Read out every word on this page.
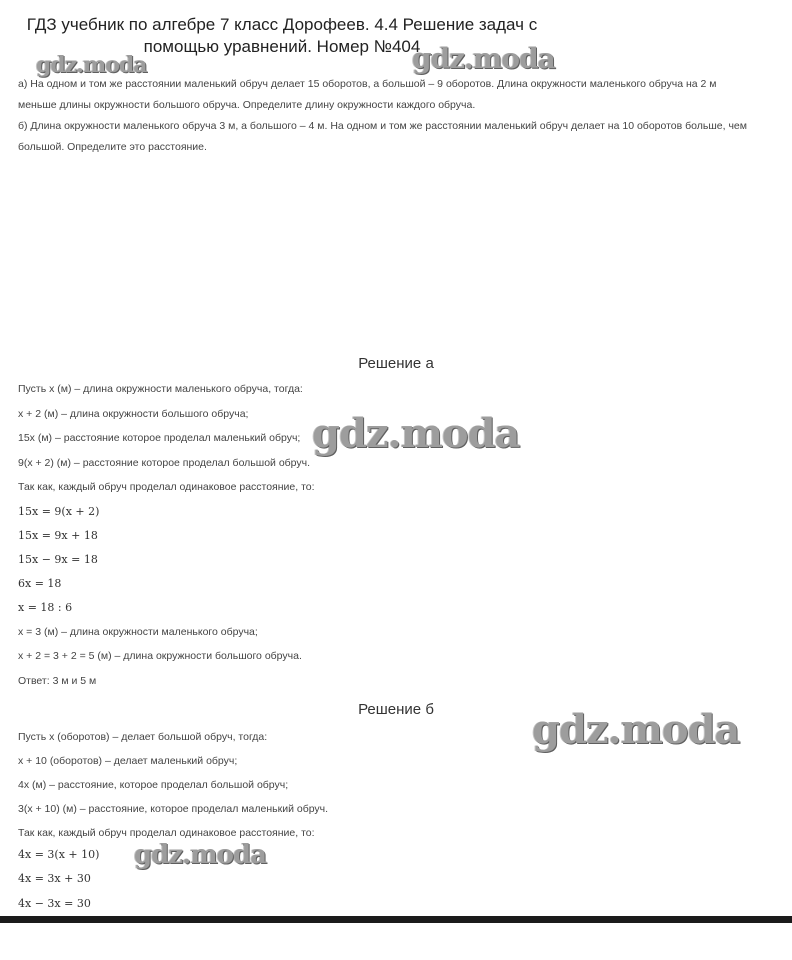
ГДЗ учебник по алгебре 7 класс Дорофеев. 4.4 Решение задач с помощью уравнений. Номер №404
gdz.moda	gdz.moda

а) На одном и том же расстоянии маленький обруч делает 15 оборотов, а большой – 9 оборотов. Длина окружности маленького обруча на 2 м

меньше длины окружности большого обруча. Определите длину окружности каждого обруча.

б) Длина окружности маленького обруча 3 м, а большого – 4 м. На одном и том же расстоянии маленький обруч делает на 10 оборотов больше, чем

большой. Определите это расстояние.

Решение а
Пусть x (м) – длина окружности маленького обруча, тогда:
x + 2 (м) – длина окружности большого обруча;
15x (м) – расстояние которое проделал маленький обруч;
9(x + 2) (м) – расстояние которое проделал большой обруч.
Так как, каждый обруч проделал одинаковое расстояние, то:
15x = 9(x + 2)
15x = 9x + 18
15x − 9x = 18
6x = 18
x = 18 : 6
x = 3 (м) – длина окружности маленького обруча;
x + 2 = 3 + 2 = 5 (м) – длина окружности большого обруча.
Ответ: 3 м и 5 м
gdz.moda
Решение б
Пусть x (оборотов) – делает большой обруч, тогда:
x + 10 (оборотов) – делает маленький обруч;
4x (м) – расстояние, которое проделал большой обруч;
3(x + 10) (м) – расстояние, которое проделал маленький обруч.
Так как, каждый обруч проделал одинаковое расстояние, то:
4x = 3(x + 10)
4x = 3x + 30
4x − 3x = 30
gdz.moda
gdz.moda
